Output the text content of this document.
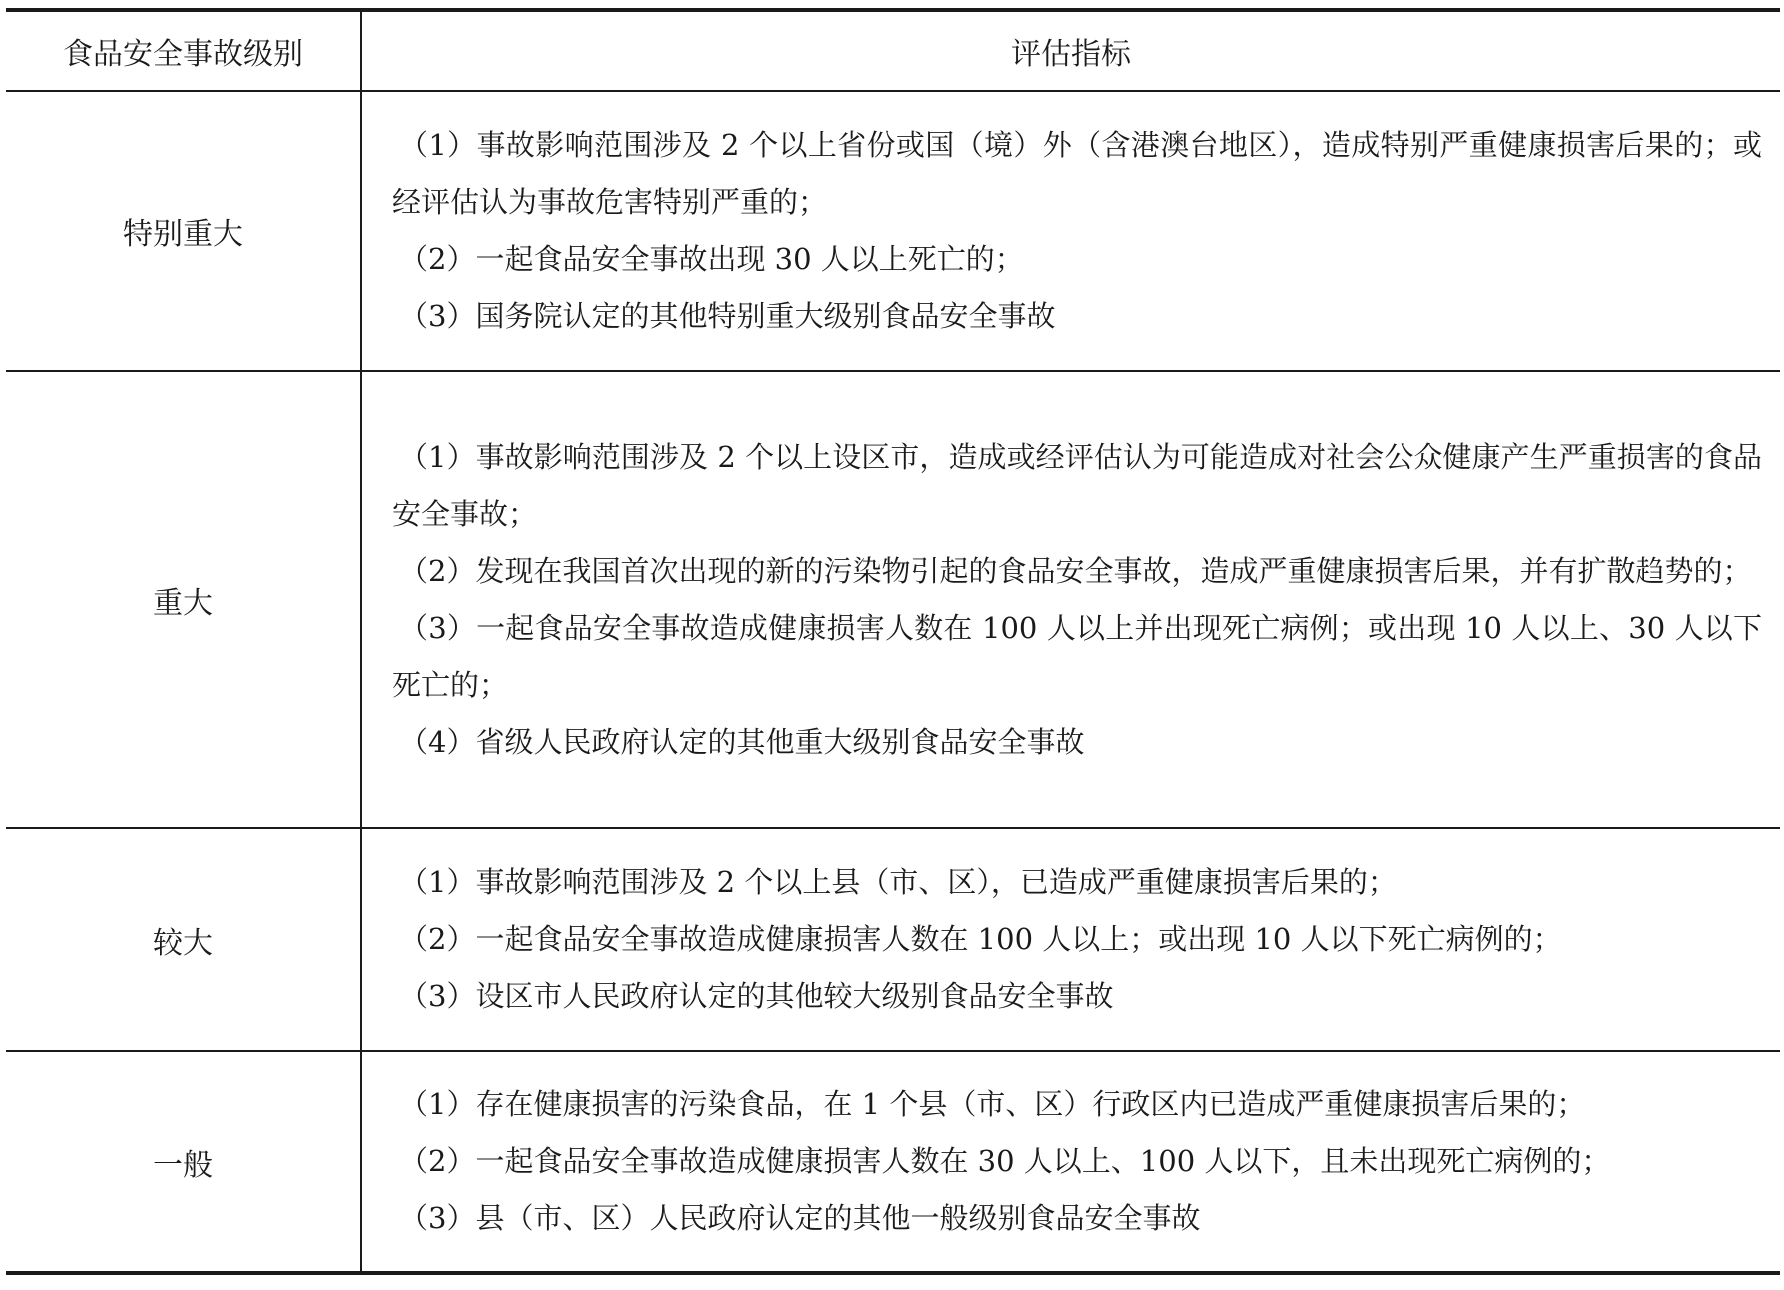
食品安全事故级别	评估指标
特别重大	（1）事故影响范围涉及 2 个以上省份或国（境）外（含港澳台地区），造成特别严重健康损害后果的；或经评估认为事故危害特别严重的；

（2）一起食品安全事故出现 30 人以上死亡的；

（3）国务院认定的其他特别重大级别食品安全事故

重大	（1）事故影响范围涉及 2 个以上设区市，造成或经评估认为可能造成对社会公众健康产生严重损害的食品安全事故；

（2）发现在我国首次出现的新的污染物引起的食品安全事故，造成严重健康损害后果，并有扩散趋势的；

（3）一起食品安全事故造成健康损害人数在 100 人以上并出现死亡病例；或出现 10 人以上、30 人以下死亡的；

（4）省级人民政府认定的其他重大级别食品安全事故

较大	（1）事故影响范围涉及 2 个以上县（市、区），已造成严重健康损害后果的；

（2）一起食品安全事故造成健康损害人数在 100 人以上；或出现 10 人以下死亡病例的；

（3）设区市人民政府认定的其他较大级别食品安全事故

一般	（1）存在健康损害的污染食品，在 1 个县（市、区）行政区内已造成严重健康损害后果的；

（2）一起食品安全事故造成健康损害人数在 30 人以上、100 人以下，且未出现死亡病例的；

（3）县（市、区）人民政府认定的其他一般级别食品安全事故
